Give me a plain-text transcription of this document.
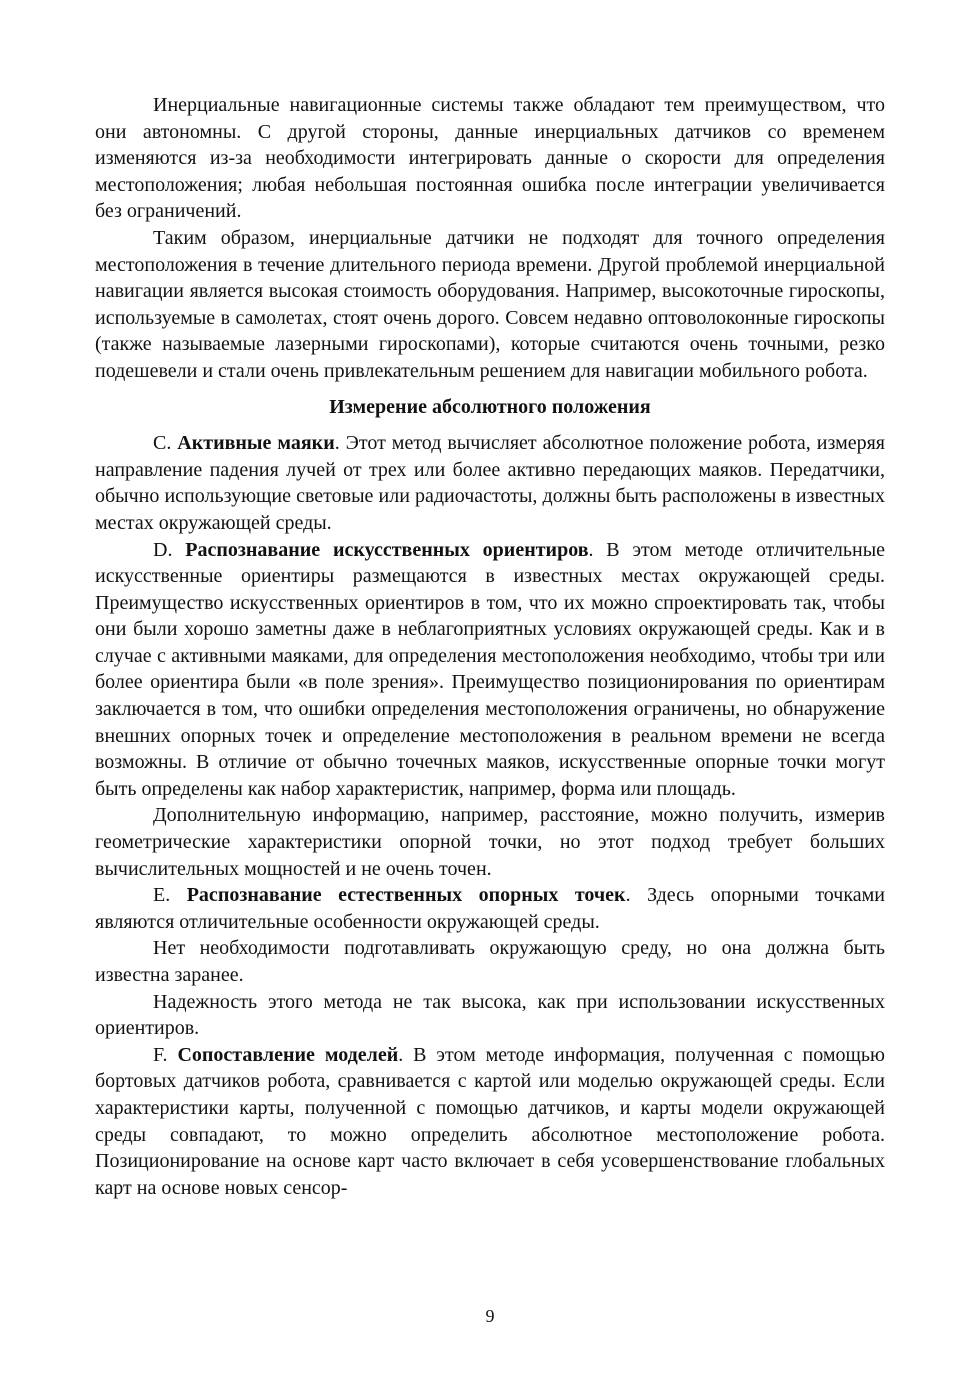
Инерциальные навигационные системы также обладают тем преимуществом, что они автономны. С другой стороны, данные инерциальных датчиков со временем изменяются из-за необходимости интегрировать данные о скорости для определения местоположения; любая небольшая постоянная ошибка после интеграции увеличивается без ограничений.

Таким образом, инерциальные датчики не подходят для точного определения местоположения в течение длительного периода времени. Другой проблемой инерциальной навигации является высокая стоимость оборудования. Например, высокоточные гироскопы, используемые в самолетах, стоят очень дорого. Совсем недавно оптоволоконные гироскопы (также называемые лазерными гироскопами), которые считаются очень точными, резко подешевели и стали очень привлекательным решением для навигации мобильного робота.

Измерение абсолютного положения

C. Активные маяки. Этот метод вычисляет абсолютное положение робота, измеряя направление падения лучей от трех или более активно передающих маяков. Передатчики, обычно использующие световые или радиочастоты, должны быть расположены в известных местах окружающей среды.

D. Распознавание искусственных ориентиров. В этом методе отличительные искусственные ориентиры размещаются в известных местах окружающей среды. Преимущество искусственных ориентиров в том, что их можно спроектировать так, чтобы они были хорошо заметны даже в неблагоприятных условиях окружающей среды. Как и в случае с активными маяками, для определения местоположения необходимо, чтобы три или более ориентира были «в поле зрения». Преимущество позиционирования по ориентирам заключается в том, что ошибки определения местоположения ограничены, но обнаружение внешних опорных точек и определение местоположения в реальном времени не всегда возможны. В отличие от обычно точечных маяков, искусственные опорные точки могут быть определены как набор характеристик, например, форма или площадь.

Дополнительную информацию, например, расстояние, можно получить, измерив геометрические характеристики опорной точки, но этот подход требует больших вычислительных мощностей и не очень точен.

E. Распознавание естественных опорных точек. Здесь опорными точками являются отличительные особенности окружающей среды.

Нет необходимости подготавливать окружающую среду, но она должна быть известна заранее.

Надежность этого метода не так высока, как при использовании искусственных ориентиров.

F. Сопоставление моделей. В этом методе информация, полученная с помощью бортовых датчиков робота, сравнивается с картой или моделью окружающей среды. Если характеристики карты, полученной с помощью датчиков, и карты модели окружающей среды совпадают, то можно определить абсолютное местоположение робота. Позиционирование на основе карт часто включает в себя усовершенствование глобальных карт на основе новых сенсор-

9
